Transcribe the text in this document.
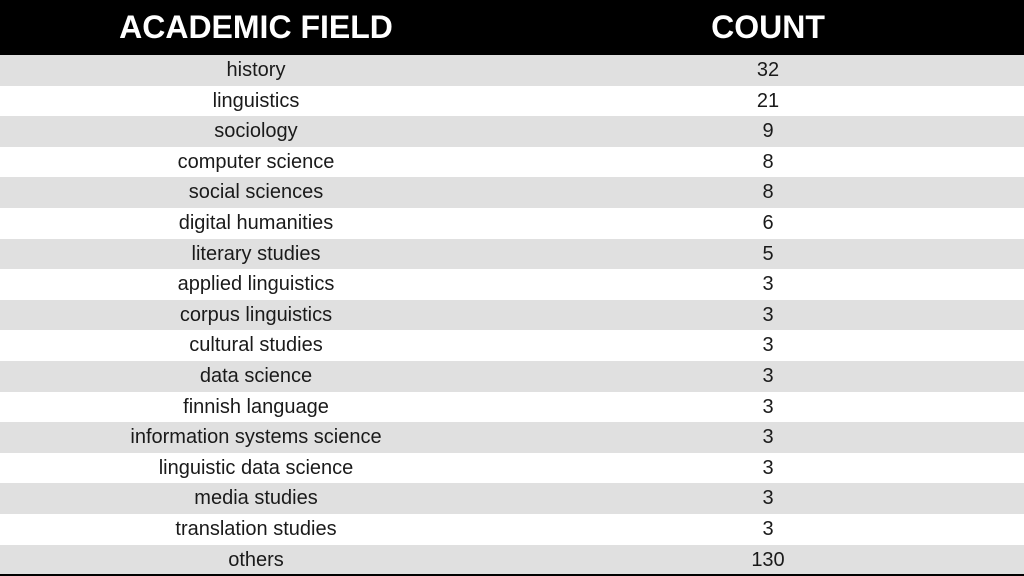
ACADEMIC FIELD	COUNT
history	32
linguistics	21
sociology	9
computer science	8
social sciences	8
digital humanities	6
literary studies	5
applied linguistics	3
corpus linguistics	3
cultural studies	3
data science	3
finnish language	3
information systems science	3
linguistic data science	3
media studies	3
translation studies	3
others	130
